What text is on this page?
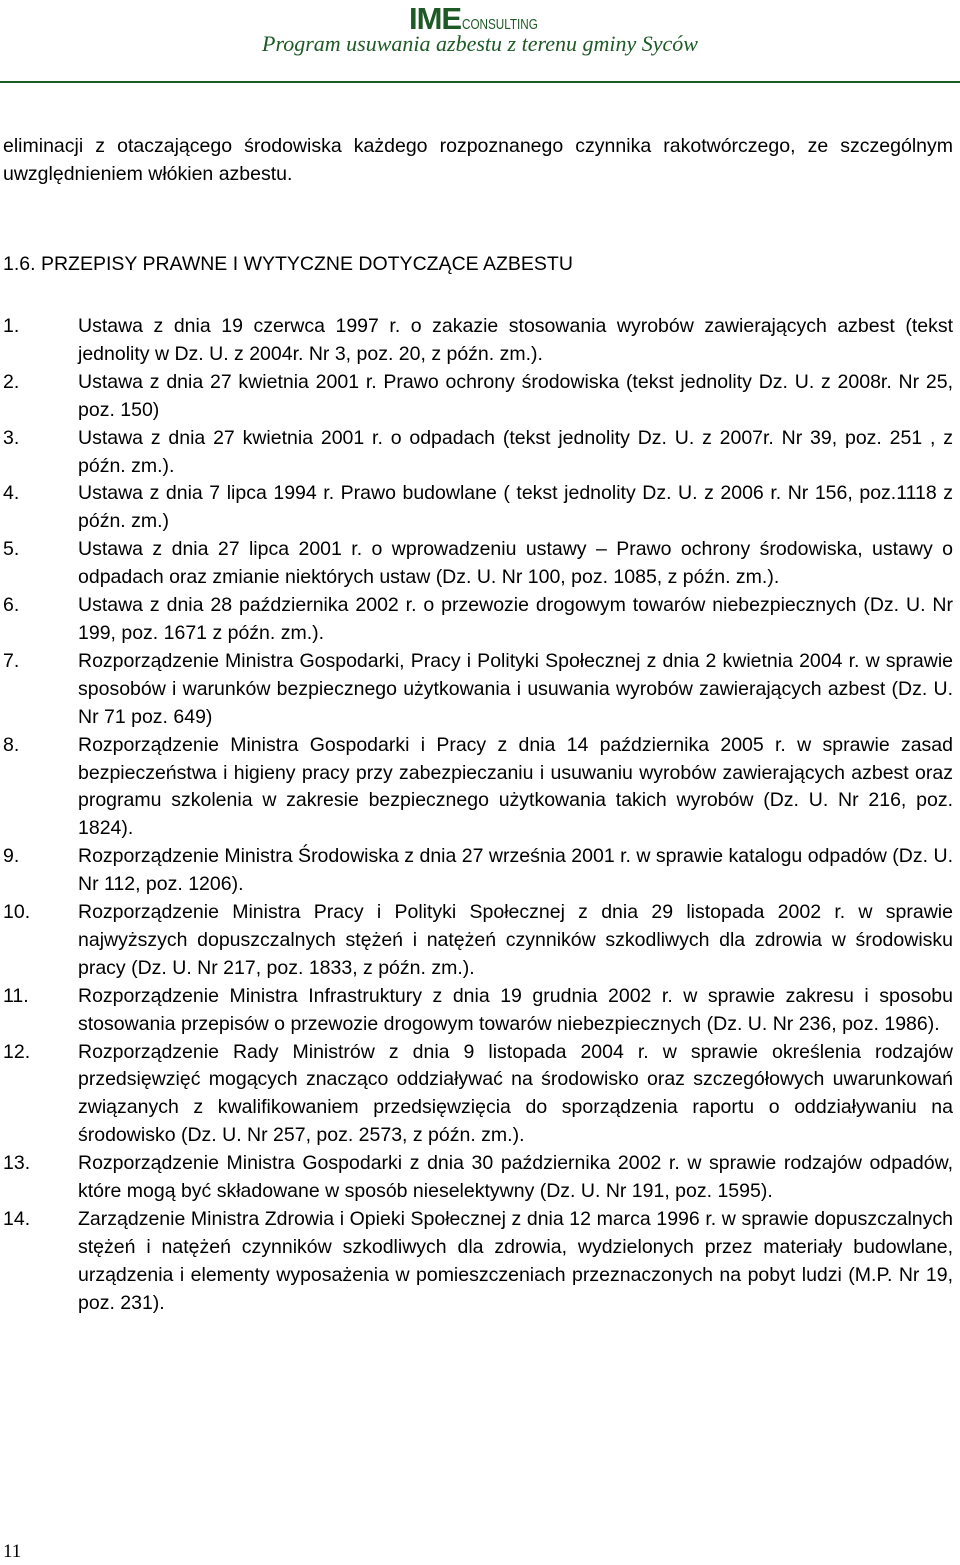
IME CONSULTING
Program usuwania azbestu z terenu gminy Syców
eliminacji z otaczającego środowiska każdego rozpoznanego czynnika rakotwórczego, ze szczególnym uwzględnieniem włókien azbestu.
1.6. PRZEPISY PRAWNE I WYTYCZNE DOTYCZĄCE AZBESTU
1.	Ustawa z dnia 19 czerwca 1997 r. o zakazie stosowania wyrobów zawierających azbest (tekst jednolity w Dz. U. z 2004r. Nr 3, poz. 20, z późn. zm.).
2.	Ustawa z dnia 27 kwietnia 2001 r. Prawo ochrony środowiska (tekst jednolity Dz. U. z 2008r. Nr 25, poz. 150)
3.	Ustawa z dnia 27 kwietnia 2001 r. o odpadach (tekst jednolity Dz. U. z 2007r. Nr 39, poz. 251 , z późn. zm.).
4.	Ustawa z dnia 7 lipca 1994 r. Prawo budowlane ( tekst jednolity Dz. U. z 2006 r. Nr 156, poz.1118 z późn. zm.)
5.	Ustawa z dnia 27 lipca 2001 r. o wprowadzeniu ustawy – Prawo ochrony środowiska, ustawy o odpadach oraz zmianie niektórych ustaw (Dz. U. Nr 100, poz. 1085, z późn. zm.).
6.	Ustawa z dnia 28 października 2002 r. o przewozie drogowym towarów niebezpiecznych (Dz. U. Nr 199, poz. 1671 z późn. zm.).
7.	Rozporządzenie Ministra Gospodarki, Pracy i Polityki Społecznej z dnia 2 kwietnia 2004 r. w sprawie sposobów i warunków bezpiecznego użytkowania i usuwania wyrobów zawierających azbest (Dz. U. Nr 71 poz. 649)
8.	Rozporządzenie Ministra Gospodarki i Pracy z dnia 14 października 2005 r. w sprawie zasad bezpieczeństwa i higieny pracy przy zabezpieczaniu i usuwaniu wyrobów zawierających azbest oraz programu szkolenia w zakresie bezpiecznego użytkowania takich wyrobów (Dz. U. Nr 216, poz. 1824).
9.	Rozporządzenie Ministra Środowiska z dnia 27 września 2001 r. w sprawie katalogu odpadów (Dz. U. Nr 112, poz. 1206).
10.	Rozporządzenie Ministra Pracy i Polityki Społecznej z dnia 29 listopada 2002 r. w sprawie najwyższych dopuszczalnych stężeń i natężeń czynników szkodliwych dla zdrowia w środowisku pracy (Dz. U. Nr 217, poz. 1833, z późn. zm.).
11.	Rozporządzenie Ministra Infrastruktury z dnia 19 grudnia 2002 r. w sprawie zakresu i sposobu stosowania przepisów o przewozie drogowym towarów niebezpiecznych (Dz. U. Nr 236, poz. 1986).
12.	Rozporządzenie Rady Ministrów z dnia 9 listopada 2004 r. w sprawie określenia rodzajów przedsięwzięć mogących znacząco oddziaływać na środowisko oraz szczegółowych uwarunkowań związanych z kwalifikowaniem przedsięwzięcia do sporządzenia raportu o oddziaływaniu na środowisko (Dz. U. Nr 257, poz. 2573, z późn. zm.).
13.	Rozporządzenie Ministra Gospodarki z dnia 30 października 2002 r. w sprawie rodzajów odpadów, które mogą być składowane w sposób nieselektywny (Dz. U. Nr 191, poz. 1595).
14.	Zarządzenie Ministra Zdrowia i Opieki Społecznej z dnia 12 marca 1996 r. w sprawie dopuszczalnych stężeń i natężeń czynników szkodliwych dla zdrowia, wydzielonych przez materiały budowlane, urządzenia i elementy wyposażenia w pomieszczeniach przeznaczonych na pobyt ludzi (M.P. Nr 19, poz. 231).
11
